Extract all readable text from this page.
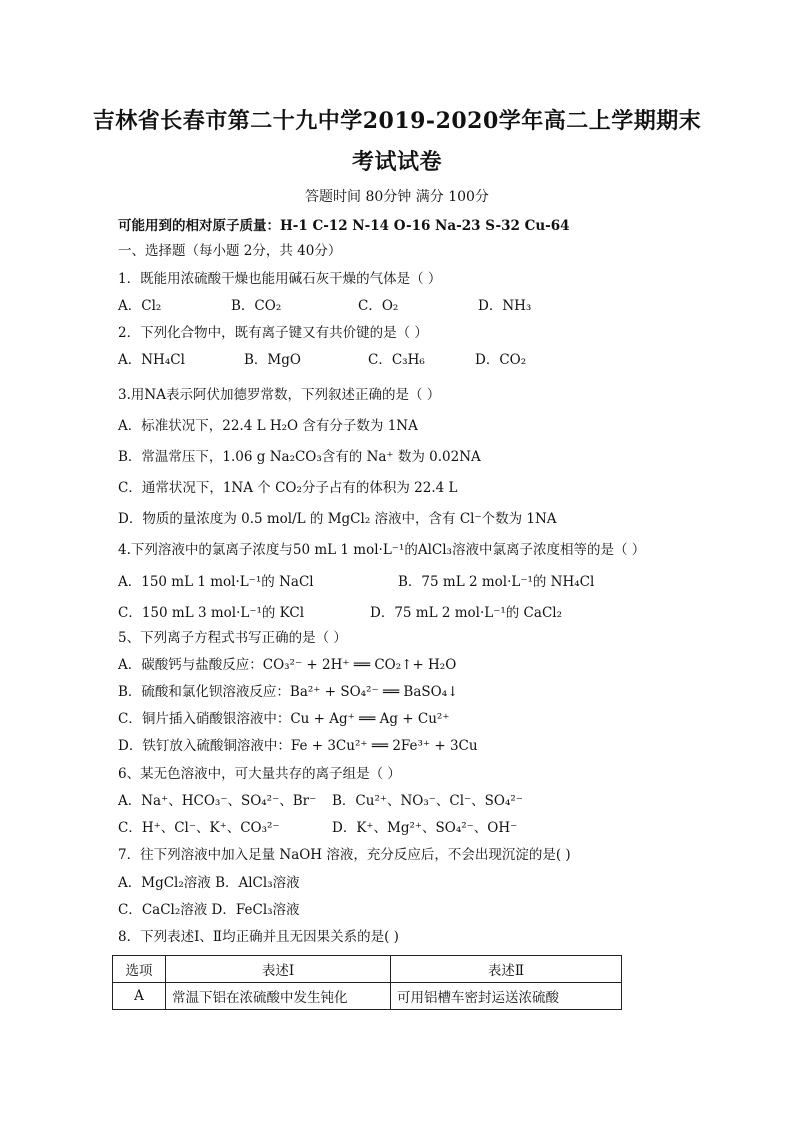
吉林省长春市第二十九中学2019-2020学年高二上学期期末
考试试卷
答题时间 80分钟 满分 100分
可能用到的相对原子质量：H-1 C-12 N-14 O-16 Na-23 S-32 Cu-64
一、选择题（每小题 2分，共 40分）
1．既能用浓硫酸干燥也能用碱石灰干燥的气体是（ ）
A．Cl₂	B．CO₂	C．O₂	D．NH₃
2．下列化合物中，既有离子键又有共价键的是（ ）
A．NH₄Cl	B．MgO	C．C₃H₆	D．CO₂
3.用NA表示阿伏加德罗常数，下列叙述正确的是（ ）
A．标准状况下，22.4 L H₂O 含有分子数为 1NA
B．常温常压下，1.06 g Na₂CO₃含有的 Na⁺ 数为 0.02NA
C．通常状况下，1NA 个 CO₂分子占有的体积为 22.4 L
D．物质的量浓度为 0.5 mol/L 的 MgCl₂ 溶液中，含有 Cl⁻个数为 1NA
4.下列溶液中的氯离子浓度与50 mL 1 mol·L⁻¹的AlCl₃溶液中氯离子浓度相等的是（ ）
A．150 mL 1 mol·L⁻¹的 NaCl	B．75 mL 2 mol·L⁻¹的 NH₄Cl
C．150 mL 3 mol·L⁻¹的 KCl	D．75 mL 2 mol·L⁻¹的 CaCl₂
5、下列离子方程式书写正确的是（ ）
A．碳酸钙与盐酸反应：CO₃²⁻ + 2H⁺ ══ CO₂↑+ H₂O
B．硫酸和氯化钡溶液反应：Ba²⁺ + SO₄²⁻ ══ BaSO₄↓
C．铜片插入硝酸银溶液中：Cu + Ag⁺ ══ Ag + Cu²⁺
D．铁钉放入硫酸铜溶液中：Fe + 3Cu²⁺ ══ 2Fe³⁺ + 3Cu
6、某无色溶液中，可大量共存的离子组是（ ）
A．Na⁺、HCO₃⁻、SO₄²⁻、Br⁻ B．Cu²⁺、NO₃⁻、Cl⁻、SO₄²⁻
C．H⁺、Cl⁻、K⁺、CO₃²⁻	D．K⁺、Mg²⁺、SO₄²⁻、OH⁻
7．往下列溶液中加入足量 NaOH 溶液，充分反应后，不会出现沉淀的是( )
A．MgCl₂溶液 B．AlCl₃溶液
C．CaCl₂溶液 D．FeCl₃溶液
8．下列表述Ⅰ、Ⅱ均正确并且无因果关系的是( )
选项	表述Ⅰ	表述Ⅱ
A	常温下铝在浓硫酸中发生钝化	可用铝槽车密封运送浓硫酸
